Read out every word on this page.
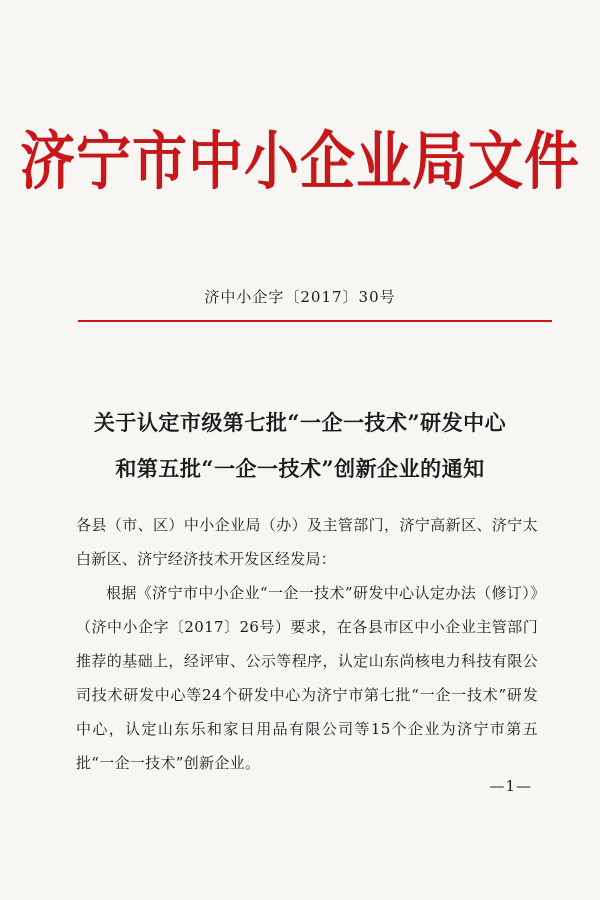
济宁市中小企业局文件
济中小企字〔2017〕30号
关于认定市级第七批“一企一技术”研发中心
和第五批“一企一技术”创新企业的通知

各县（市、区）中小企业局（办）及主管部门，济宁高新区、济宁太白新区、济宁经济技术开发区经发局：

根据《济宁市中小企业“一企一技术”研发中心认定办法（修订）》（济中小企字〔2017〕26号）要求，在各县市区中小企业主管部门推荐的基础上，经评审、公示等程序，认定山东尚核电力科技有限公司技术研发中心等24个研发中心为济宁市第七批“一企一技术”研发中心，认定山东乐和家日用品有限公司等15个企业为济宁市第五批“一企一技术”创新企业。

—1—
